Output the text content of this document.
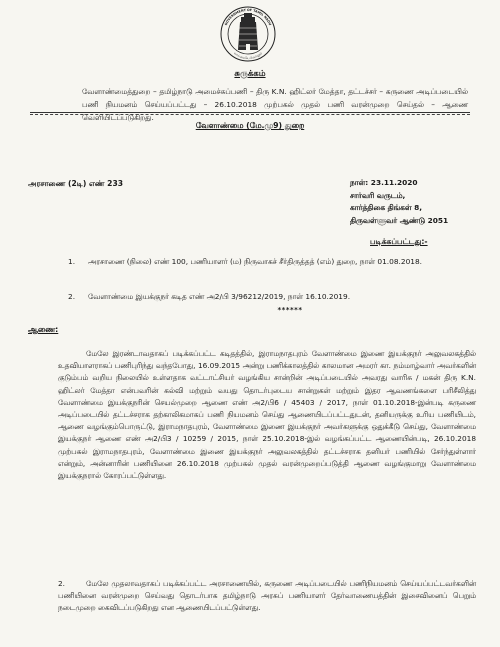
GOVERNMENT OF TAMIL NADU
வாய்மையே வெல்லும்
சுருக்கம்
வேளாண்மைத்துறை – தமிழ்நாடு அமைச்சுப்பணி – திரு K.N. ஹிட்லர் மேத்தா, தட்டச்சர் – கருணை அடிப்படையில் பணி நியமனம் செய்யப்பட்டது – 26.10.2018 முற்பகல் முதல் பணி வரன்முறை செய்தல் – ஆணை வெளியிடப்படுகிறது.
வேளாண்மை (மே.மு9) துறை
அரசாணை (2டி) எண் 233	நாள்: 23.11.2020
சார்வரி வருடம்,
கார்த்திகை திங்கள் 8,
திருவள்ளுவர் ஆண்டு 2051
படிக்கப்பட்டது:-
1. அரசாணை (நிலை) எண் 100, பணியாளர் (ம) நிருவாகச் சீர்திருத்தத் (எம்) துறை, நாள் 01.08.2018.
2. வேளாண்மை இயக்குநர் கடித எண் அ2/பி 3/96212/2019, நாள் 16.10.2019.
******
ஆணை:
மேலே இரண்டாவதாகப் படிக்கப்பட்ட கடிதத்தில், இராமநாதபுரம் வேளாண்மை இணை இயக்குநர் அலுவலகத்தில் உதவியாளராகப் பணிபுரிந்து வந்தபோது, 16.09.2015 அன்று பணிக்காலத்தில் காலமான அமரர் கா. நம்மாழ்வார் அவர்களின் குடும்பம் வறிய நிலையில் உள்ளதாக வட்டாட்சியர் வழங்கிய சான்றின் அடிப்படையில் அவரது வாரிசு / மகன் திரு K.N. ஹிட்லர் மேத்தா என்பவரின் கல்வி மற்றும் வயது தொடர்புடைய சான்றுகள் மற்றும் இதர ஆவணங்களை பரிசீலித்து வேளாண்மை இயக்குநரின் செயல்முறை ஆணை எண் அ2/பி6 / 45403 / 2017, நாள் 01.10.2018-இன்படி கருணை அடிப்படையில் தட்டச்சராக தற்காலிகமாகப் பணி நியமனம் செய்து ஆணையிடப்பட்டதுடன், தனியருக்கு உரிய பணியிடம், ஆணை வழங்கும்பொருட்டு, இராமநாதபுரம், வேளாண்மை இணை இயக்குநர் அவர்களுக்கு ஒதுக்கீடு செய்து, வேளாண்மை இயக்குநர் ஆணை எண் அ2/பி3 / 10259 / 2015, நாள் 25.10.2018-இல் வழங்கப்பட்ட ஆணையின்படி, 26.10.2018 முற்பகல் இராமநாதபுரம், வேளாண்மை இணை இயக்குநர் அலுவலகத்தில் தட்டச்சராக தனியர் பணியில் சேர்ந்துள்ளார் என்றும், அன்னாரின் பணியினை 26.10.2018 முற்பகல் முதல் வரன்முறைப்படுத்தி ஆணை வழங்குமாறு வேளாண்மை இயக்குநரால் கோரப்பட்டுள்ளது.
2.	மேலே முதலாவதாகப் படிக்கப்பட்ட அரசாணையில், கருணை அடிப்படையில் பணிநியமனம் செய்யப்பட்டவர்களின் பணியினை வரன்முறை செய்வது தொடர்பாக தமிழ்நாடு அரசுப் பணியாளர் தேர்வாணையத்தின் இசைவினைப் பெறும் நடைமுறை கைவிடப்படுகிறது என ஆணையிடப்பட்டுள்ளது.
